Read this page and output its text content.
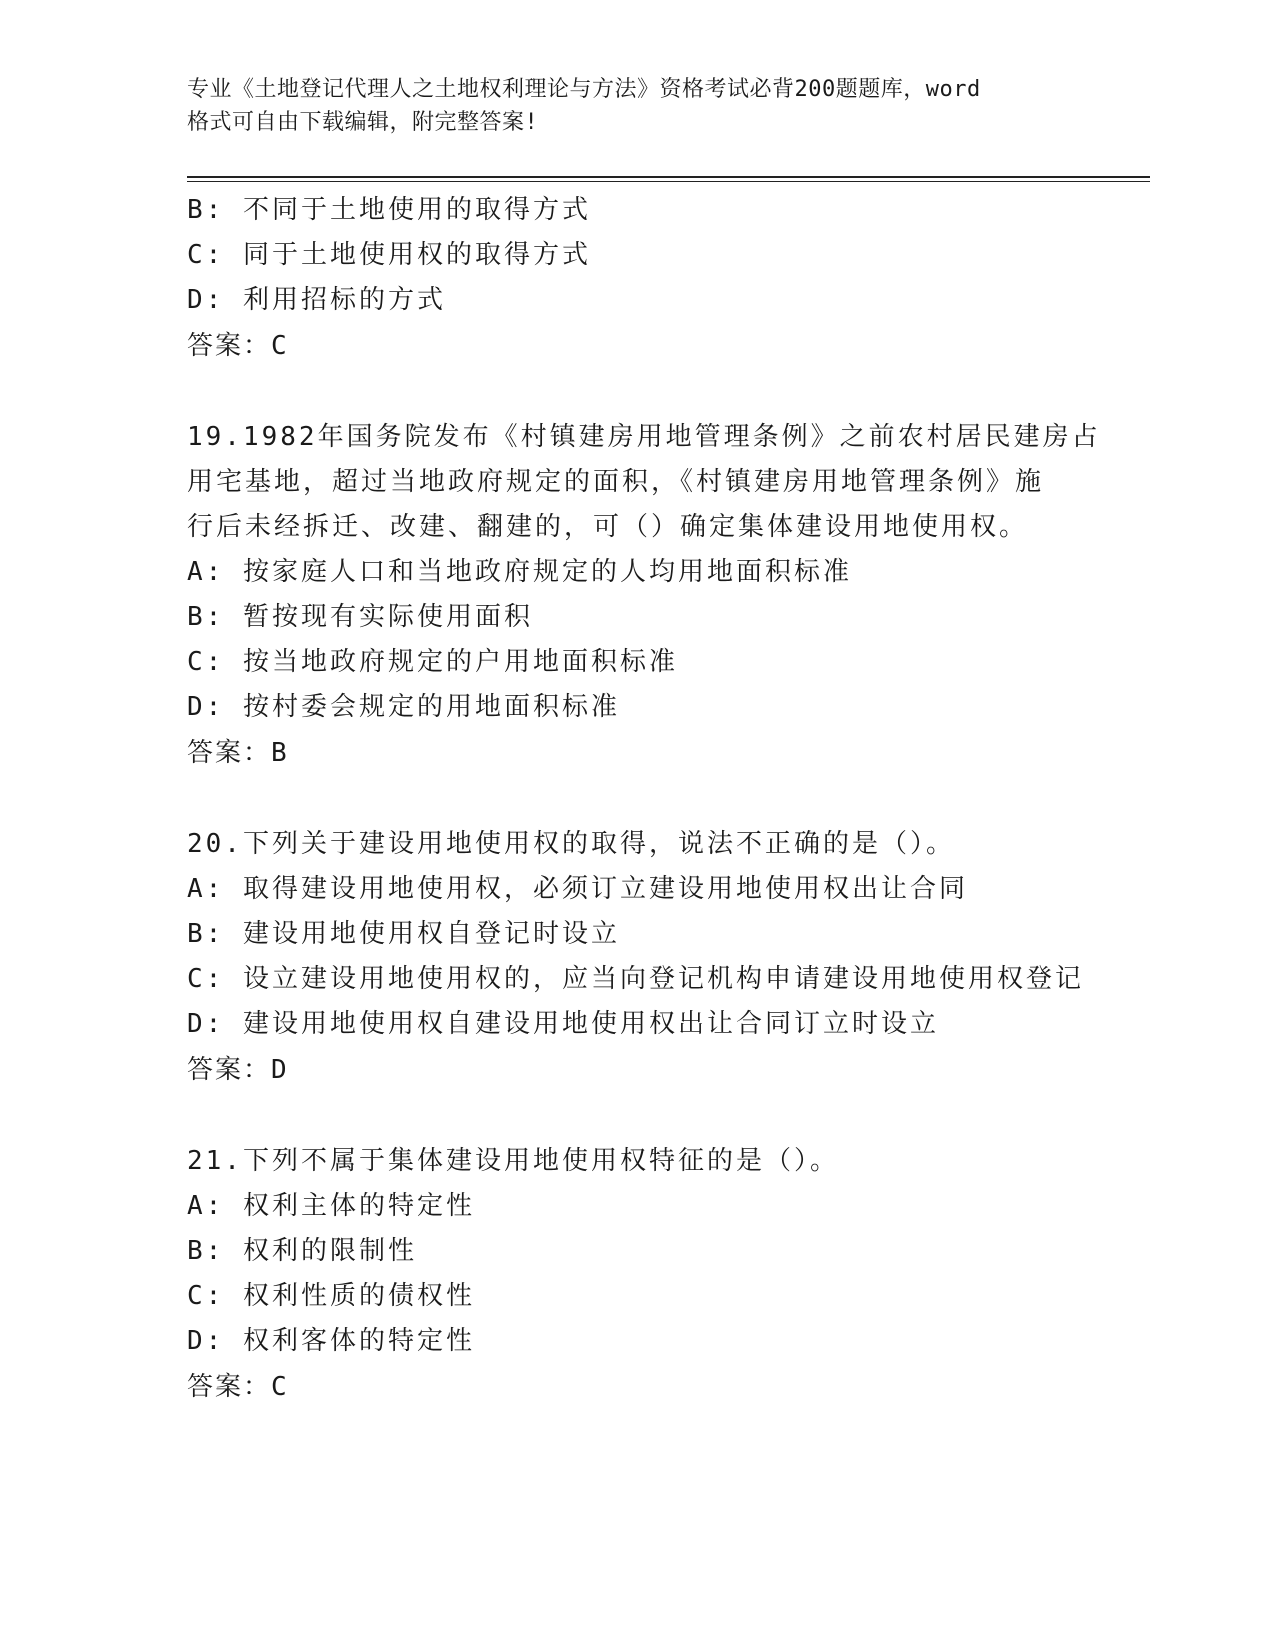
专业《土地登记代理人之土地权利理论与方法》资格考试必背200题题库，word
格式可自由下载编辑，附完整答案!
B: 不同于土地使用的取得方式
C: 同于土地使用权的取得方式
D: 利用招标的方式
答案：C
19.1982年国务院发布《村镇建房用地管理条例》之前农村居民建房占
用宅基地，超过当地政府规定的面积，《村镇建房用地管理条例》施
行后未经拆迁、改建、翻建的，可（）确定集体建设用地使用权。
A: 按家庭人口和当地政府规定的人均用地面积标准
B: 暂按现有实际使用面积
C: 按当地政府规定的户用地面积标准
D: 按村委会规定的用地面积标准
答案：B
20.下列关于建设用地使用权的取得，说法不正确的是（）。
A: 取得建设用地使用权，必须订立建设用地使用权出让合同
B: 建设用地使用权自登记时设立
C: 设立建设用地使用权的，应当向登记机构申请建设用地使用权登记
D: 建设用地使用权自建设用地使用权出让合同订立时设立
答案：D
21.下列不属于集体建设用地使用权特征的是（）。
A: 权利主体的特定性
B: 权利的限制性
C: 权利性质的债权性
D: 权利客体的特定性
答案：C
